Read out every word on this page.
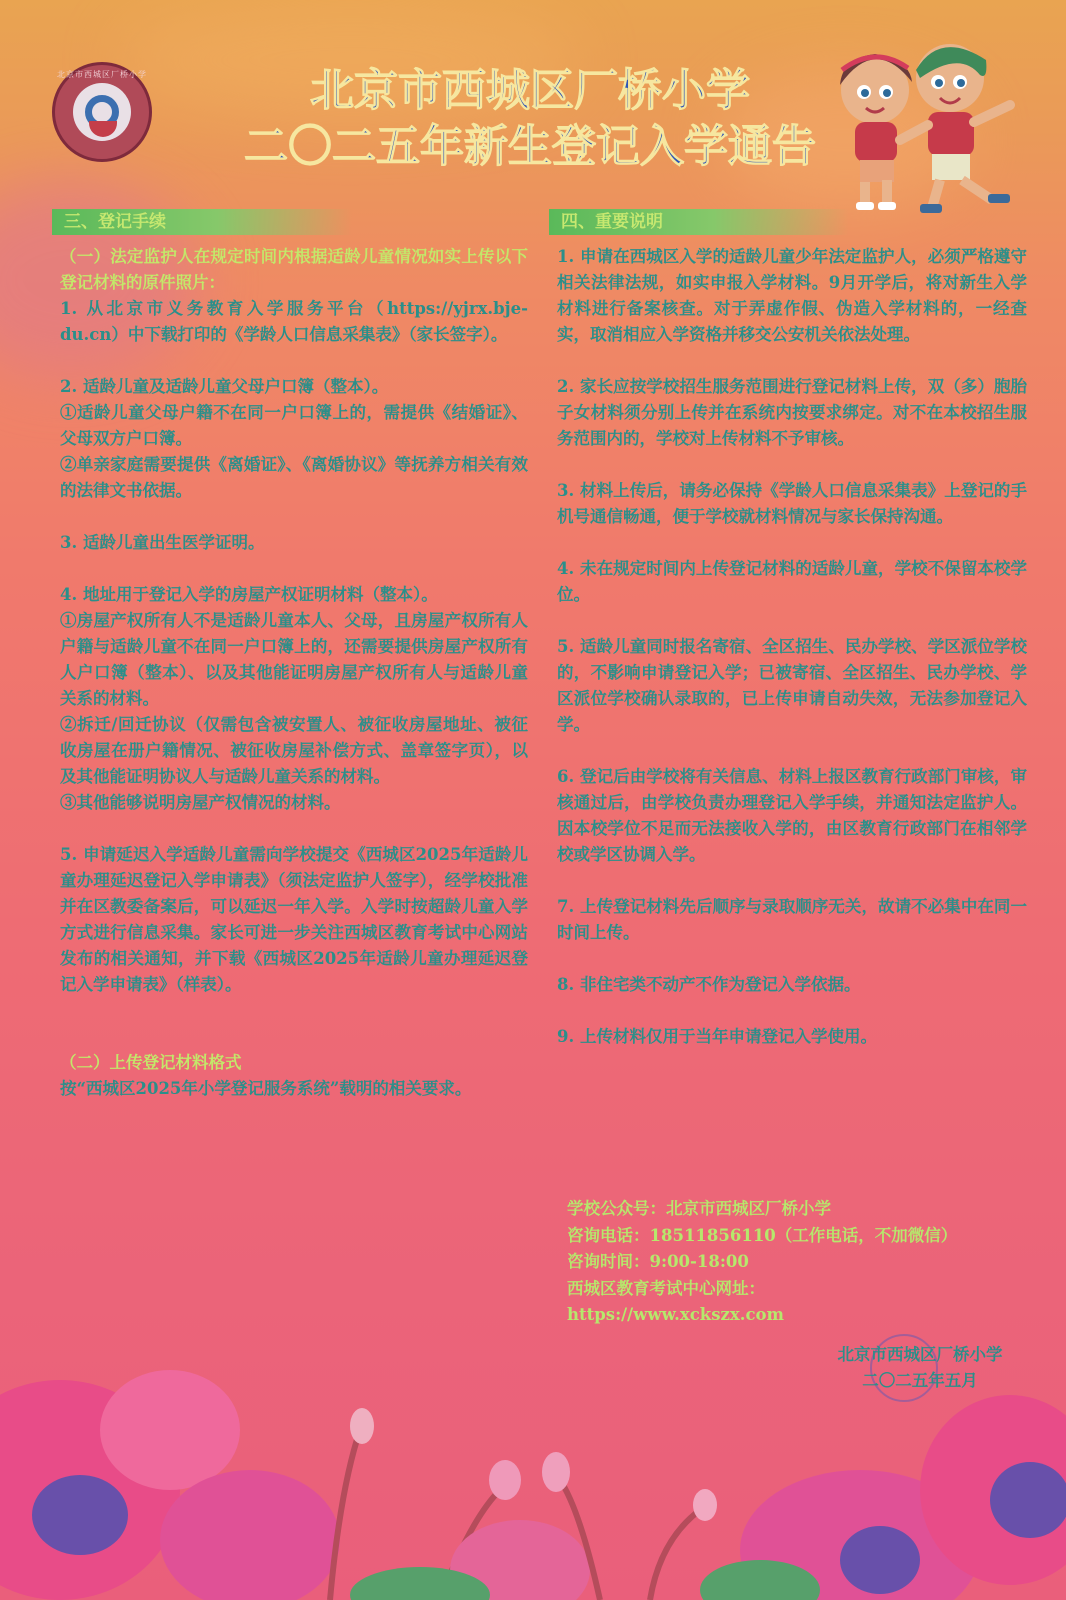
北京市西城区厂桥小学	北京市西城区厂桥小学
二〇二五年新生登记入学通告
三、登记手续	四、重要说明

（一）法定监护人在规定时间内根据适龄儿童情况如实上传以下登记材料的原件照片：

1. 从北京市义务教育入学服务平台（https://yjrx.bje-du.cn）中下载打印的《学龄人口信息采集表》（家长签字）。

2. 适龄儿童及适龄儿童父母户口簿（整本）。

①适龄儿童父母户籍不在同一户口簿上的，需提供《结婚证》、父母双方户口簿。

②单亲家庭需要提供《离婚证》、《离婚协议》等抚养方相关有效的法律文书依据。

3. 适龄儿童出生医学证明。

4. 地址用于登记入学的房屋产权证明材料（整本）。

①房屋产权所有人不是适龄儿童本人、父母，且房屋产权所有人户籍与适龄儿童不在同一户口簿上的，还需要提供房屋产权所有人户口簿（整本）、以及其他能证明房屋产权所有人与适龄儿童关系的材料。

②拆迁/回迁协议（仅需包含被安置人、被征收房屋地址、被征收房屋在册户籍情况、被征收房屋补偿方式、盖章签字页），以及其他能证明协议人与适龄儿童关系的材料。

③其他能够说明房屋产权情况的材料。

5. 申请延迟入学适龄儿童需向学校提交《西城区2025年适龄儿童办理延迟登记入学申请表》（须法定监护人签字），经学校批准并在区教委备案后，可以延迟一年入学。入学时按超龄儿童入学方式进行信息采集。家长可进一步关注西城区教育考试中心网站发布的相关通知，并下载《西城区2025年适龄儿童办理延迟登记入学申请表》（样表）。

（二）上传登记材料格式

按“西城区2025年小学登记服务系统”载明的相关要求。

1. 申请在西城区入学的适龄儿童少年法定监护人，必须严格遵守相关法律法规，如实申报入学材料。9月开学后，将对新生入学材料进行备案核查。对于弄虚作假、伪造入学材料的，一经查实，取消相应入学资格并移交公安机关依法处理。

2. 家长应按学校招生服务范围进行登记材料上传，双（多）胞胎子女材料须分别上传并在系统内按要求绑定。对不在本校招生服务范围内的，学校对上传材料不予审核。

3. 材料上传后，请务必保持《学龄人口信息采集表》上登记的手机号通信畅通，便于学校就材料情况与家长保持沟通。

4. 未在规定时间内上传登记材料的适龄儿童，学校不保留本校学位。

5. 适龄儿童同时报名寄宿、全区招生、民办学校、学区派位学校的，不影响申请登记入学；已被寄宿、全区招生、民办学校、学区派位学校确认录取的，已上传申请自动失效，无法参加登记入学。

6. 登记后由学校将有关信息、材料上报区教育行政部门审核，审核通过后，由学校负责办理登记入学手续，并通知法定监护人。因本校学位不足而无法接收入学的，由区教育行政部门在相邻学校或学区协调入学。

7. 上传登记材料先后顺序与录取顺序无关，故请不必集中在同一时间上传。

8. 非住宅类不动产不作为登记入学依据。

9. 上传材料仅用于当年申请登记入学使用。

学校公众号：北京市西城区厂桥小学
咨询电话：18511856110（工作电话，不加微信）
咨询时间：9:00-18:00
西城区教育考试中心网址：
https://www.xckszx.com
北京市西城区厂桥小学
二〇二五年五月
